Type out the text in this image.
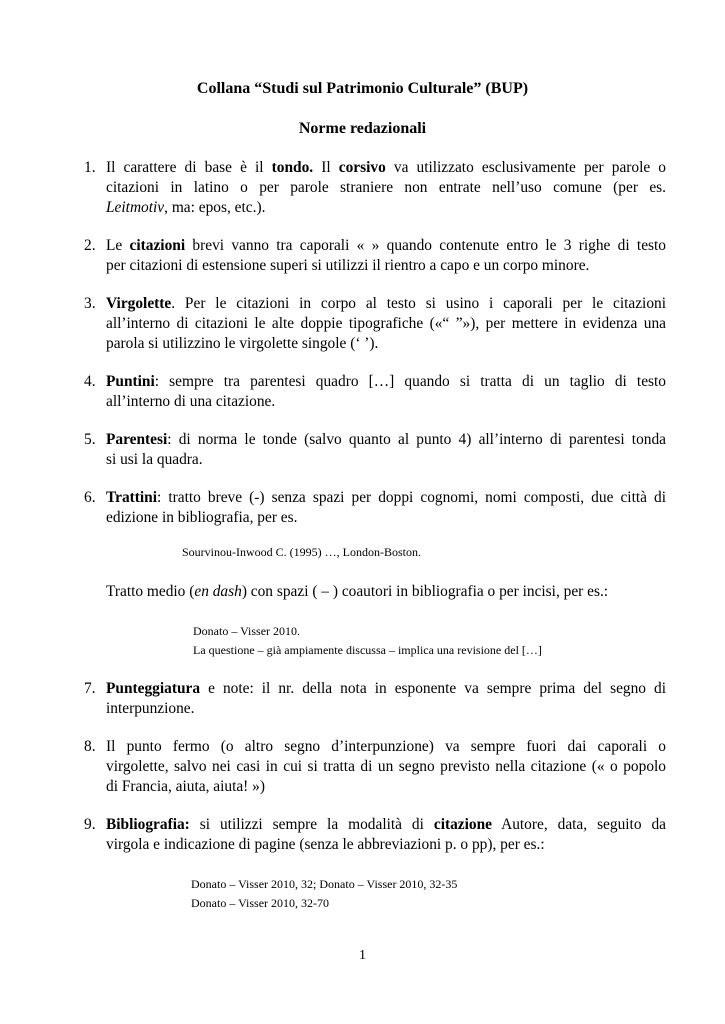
Collana “Studi sul Patrimonio Culturale” (BUP)
Norme redazionali
1. Il carattere di base è il tondo. Il corsivo va utilizzato esclusivamente per parole o
citazioni in latino o per parole straniere non entrate nell’uso comune (per es.
Leitmotiv, ma: epos, etc.).
2. Le citazioni brevi vanno tra caporali « » quando contenute entro le 3 righe di testo
per citazioni di estensione superi si utilizzi il rientro a capo e un corpo minore.
3. Virgolette. Per le citazioni in corpo al testo si usino i caporali per le citazioni
all’interno di citazioni le alte doppie tipografiche («“ ”»), per mettere in evidenza una
parola si utilizzino le virgolette singole (‘ ’).
4. Puntini: sempre tra parentesi quadro […] quando si tratta di un taglio di testo
all’interno di una citazione.
5. Parentesi: di norma le tonde (salvo quanto al punto 4) all’interno di parentesi tonda
si usi la quadra.
6. Trattini: tratto breve (-) senza spazi per doppi cognomi, nomi composti, due città di
edizione in bibliografia, per es.
Sourvinou-Inwood C. (1995) …, London-Boston.
Tratto medio (en dash) con spazi ( – ) coautori in bibliografia o per incisi, per es.:
Donato – Visser 2010.
La questione – già ampiamente discussa – implica una revisione del […]
7. Punteggiatura e note: il nr. della nota in esponente va sempre prima del segno di
interpunzione.
8. Il punto fermo (o altro segno d’interpunzione) va sempre fuori dai caporali o
virgolette, salvo nei casi in cui si tratta di un segno previsto nella citazione (« o popolo
di Francia, aiuta, aiuta! »)
9. Bibliografia: si utilizzi sempre la modalità di citazione Autore, data, seguito da
virgola e indicazione di pagine (senza le abbreviazioni p. o pp), per es.:
Donato – Visser 2010, 32; Donato – Visser 2010, 32-35
Donato – Visser 2010, 32-70
1
